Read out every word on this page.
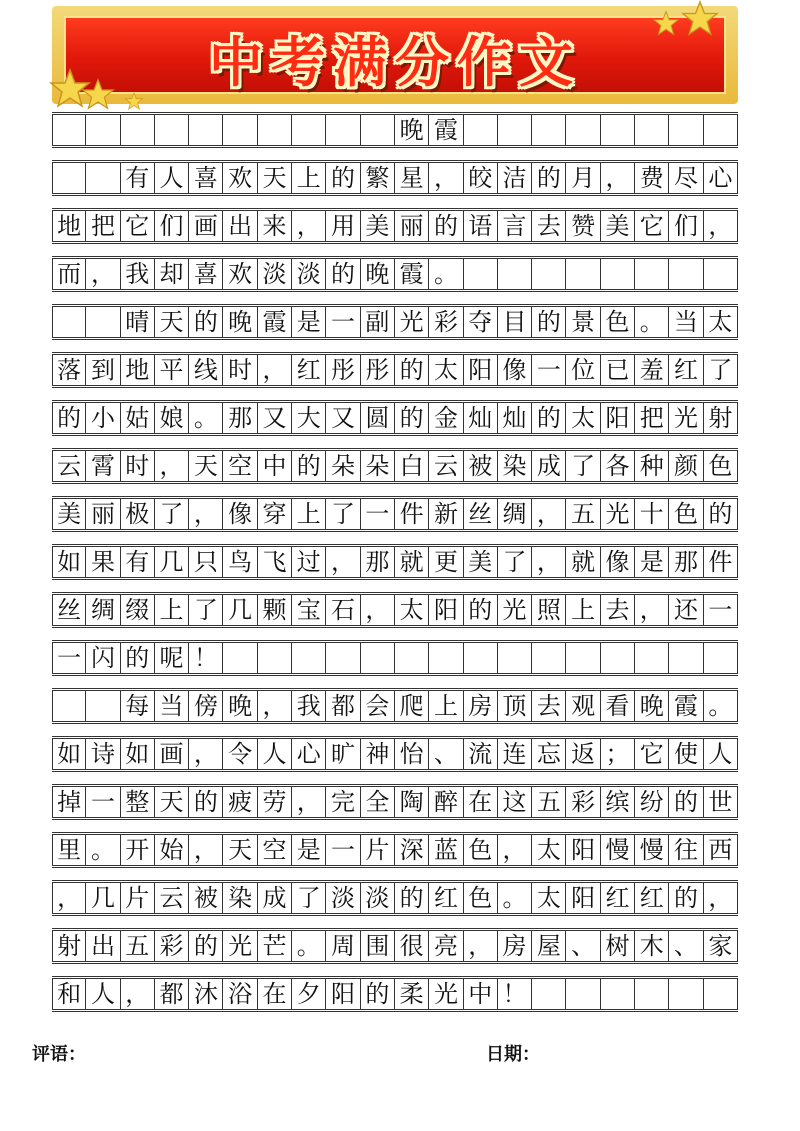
中考满分作文
晚 霞
有 人 喜 欢 天 上 的 繁 星 ， 皎 洁 的 月 ， 费 尽 心
地 把 它 们 画 出 来 ， 用 美 丽 的 语 言 去 赞 美 它 们 ，
而 ， 我 却 喜 欢 淡 淡 的 晚 霞 。
晴 天 的 晚 霞 是 一 副 光 彩 夺 目 的 景 色 。 当 太
落 到 地 平 线 时 ， 红 彤 彤 的 太 阳 像 一 位 已 羞 红 了
的 小 姑 娘 。 那 又 大 又 圆 的 金 灿 灿 的 太 阳 把 光 射
云 霄 时 ， 天 空 中 的 朵 朵 白 云 被 染 成 了 各 种 颜 色
美 丽 极 了 ， 像 穿 上 了 一 件 新 丝 绸 ， 五 光 十 色 的
如 果 有 几 只 鸟 飞 过 ， 那 就 更 美 了 ， 就 像 是 那 件
丝 绸 缀 上 了 几 颗 宝 石 ， 太 阳 的 光 照 上 去 ， 还 一
一 闪 的 呢 ！
每 当 傍 晚 ， 我 都 会 爬 上 房 顶 去 观 看 晚 霞 。
如 诗 如 画 ， 令 人 心 旷 神 怡 、 流 连 忘 返 ； 它 使 人
掉 一 整 天 的 疲 劳 ， 完 全 陶 醉 在 这 五 彩 缤 纷 的 世
里 。 开 始 ， 天 空 是 一 片 深 蓝 色 ， 太 阳 慢 慢 往 西
， 几 片 云 被 染 成 了 淡 淡 的 红 色 。 太 阳 红 红 的 ，
射 出 五 彩 的 光 芒 。 周 围 很 亮 ， 房 屋 、 树 木 、 家
和 人 ， 都 沐 浴 在 夕 阳 的 柔 光 中 ！
评语：	日期：
